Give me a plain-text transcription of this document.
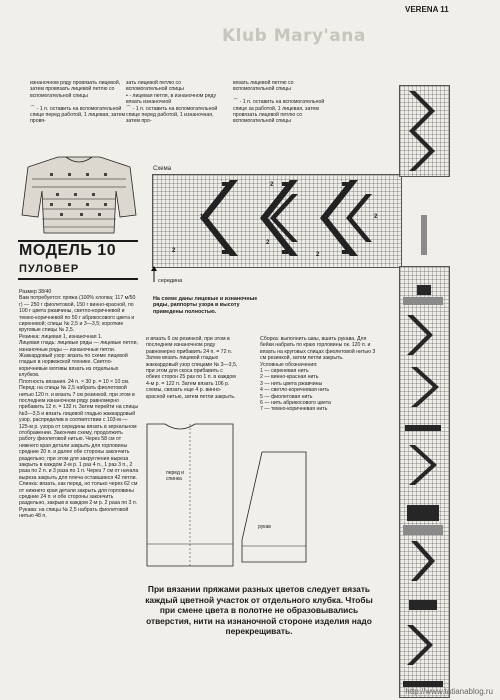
Klub Mary'ana
VERENA 11
изнаночном ряду провязать лицевой, затем провязать лицевой петлю со вспомогательной спицы

⌒ - 1 п. оставить на вспомогательной спице перед работой, 1 лицевая, затем провя-
зать лицевой петлю со вспомогательной спицы
• - лицевая петля, в изнаночном ряду вязать изнаночной
⌒ - 1 п. оставить на вспомогательной спице перед работой, 1 изнаночная, затем про-
вязать лицевой петлю со вспомогательной спицы

⌒ - 1 п. оставить на вспомогательной спице за работой, 1 лицевая, затем провязать лицевой петлю со вспомогательной спицы
МОДЕЛЬ 10
ПУЛОВЕР
Схема
2
2
2
1
2
2
середина
На схеме даны лицевые и изнаночные ряды, раппорты узора в высоту приведены полностью.
Размер 38/40
Вам потребуется: пряжа (100% хлопка; 117 м/50 г) — 250 г фиолетовой, 150 г винно-красной, по 100 г цвета ржавчины, светло-коричневой и темно-коричневой по 50 г абрикосового цвета и сиреневой; спицы № 2,5 и 3—3,5; короткие круговые спицы № 2,5.
Резинка: лицевая 1, изнаночная 1.
Лицевая гладь: лицевые ряды — лицевые петли, изнаночные ряды — изнаночные петли.
Жаккардовый узор: вязать по схеме лицевой гладью в норвежской технике. Светло-коричневые мотивы вязать из отдельных клубков.
Плотность вязания. 24 п. × 30 р. = 10 × 10 см.
Перед: на спицы № 2,5 набрать фиолетовой нитью 120 п. и вязать 7 см резинкой, при этом в последнем изнаночном ряду равномерно прибавить 12 п. = 132 п. Затем перейти на спицы №3—3,5 и вязать лицевой гладью жаккардовый узор, распределив в соответствии с 103-м — 125-м р. узора от середины вязать в зеркальном отображении. Закончив схему, продолжить работу фиолетовой нитью. Через 58 см от нижнего края детали закрыть для горловины средние 20 п. и далее обе стороны закончить раздельно; при этом для закругления выреза закрыть в каждом 2-м р. 1 раз 4 п., 1 раз 3 п., 2 раза по 2 п. и 3 раза по 1 п. Через 7 см от начала выреза закрыть для плеча оставшиеся 42 петли.
Спинка: вязать, как перед, но только через 62 см от нижнего края детали закрыть для горловины средние 24 п. и обе стороны закончить раздельно, закрыв в каждом 2-м р. 2 раза по 3 п.
Рукава: на спицы № 2,5 набрать фиолетовой нитью 48 п.
и вязать 6 см резинкой, при этом в последнем изнаночном ряду равномерно прибавить 24 п. = 72 п. Затем вязать лицевой гладью жаккардовый узор спицами № 3—3,5, при этом для скоса прибавить с обеих сторон 25 раз по 1 п. в каждом 4-м р. = 122 п. Затем вязать 106 р. схемы, связать еще 4 р. винно-красной нитью, затем петли закрыть.
Сборка: выполнить швы, вшить рукава. Для бейки набрать по краю горловины ок. 120 п. и вязать на круговых спицах фиолетовой нитью 3 см резинкой, затем петли закрыть.
Условные обозначения:
1 — сиреневая нить
2 — винно-красная нить
3 — нить цвета ржавчины
4 — светло-коричневая нить
5 — фиолетовая нить
6 — нить абрикосового цвета
7 — темно-коричневая нить
перед и спинка
рукав
При вязании пряжами разных цветов следует вязать каждый цветной участок от отдельного клубка. Чтобы при смене цвета в полотне не образовывались отверстия, нити на изнаночной стороне изделия надо перекрещивать.
http://www.tatianablog.ru
